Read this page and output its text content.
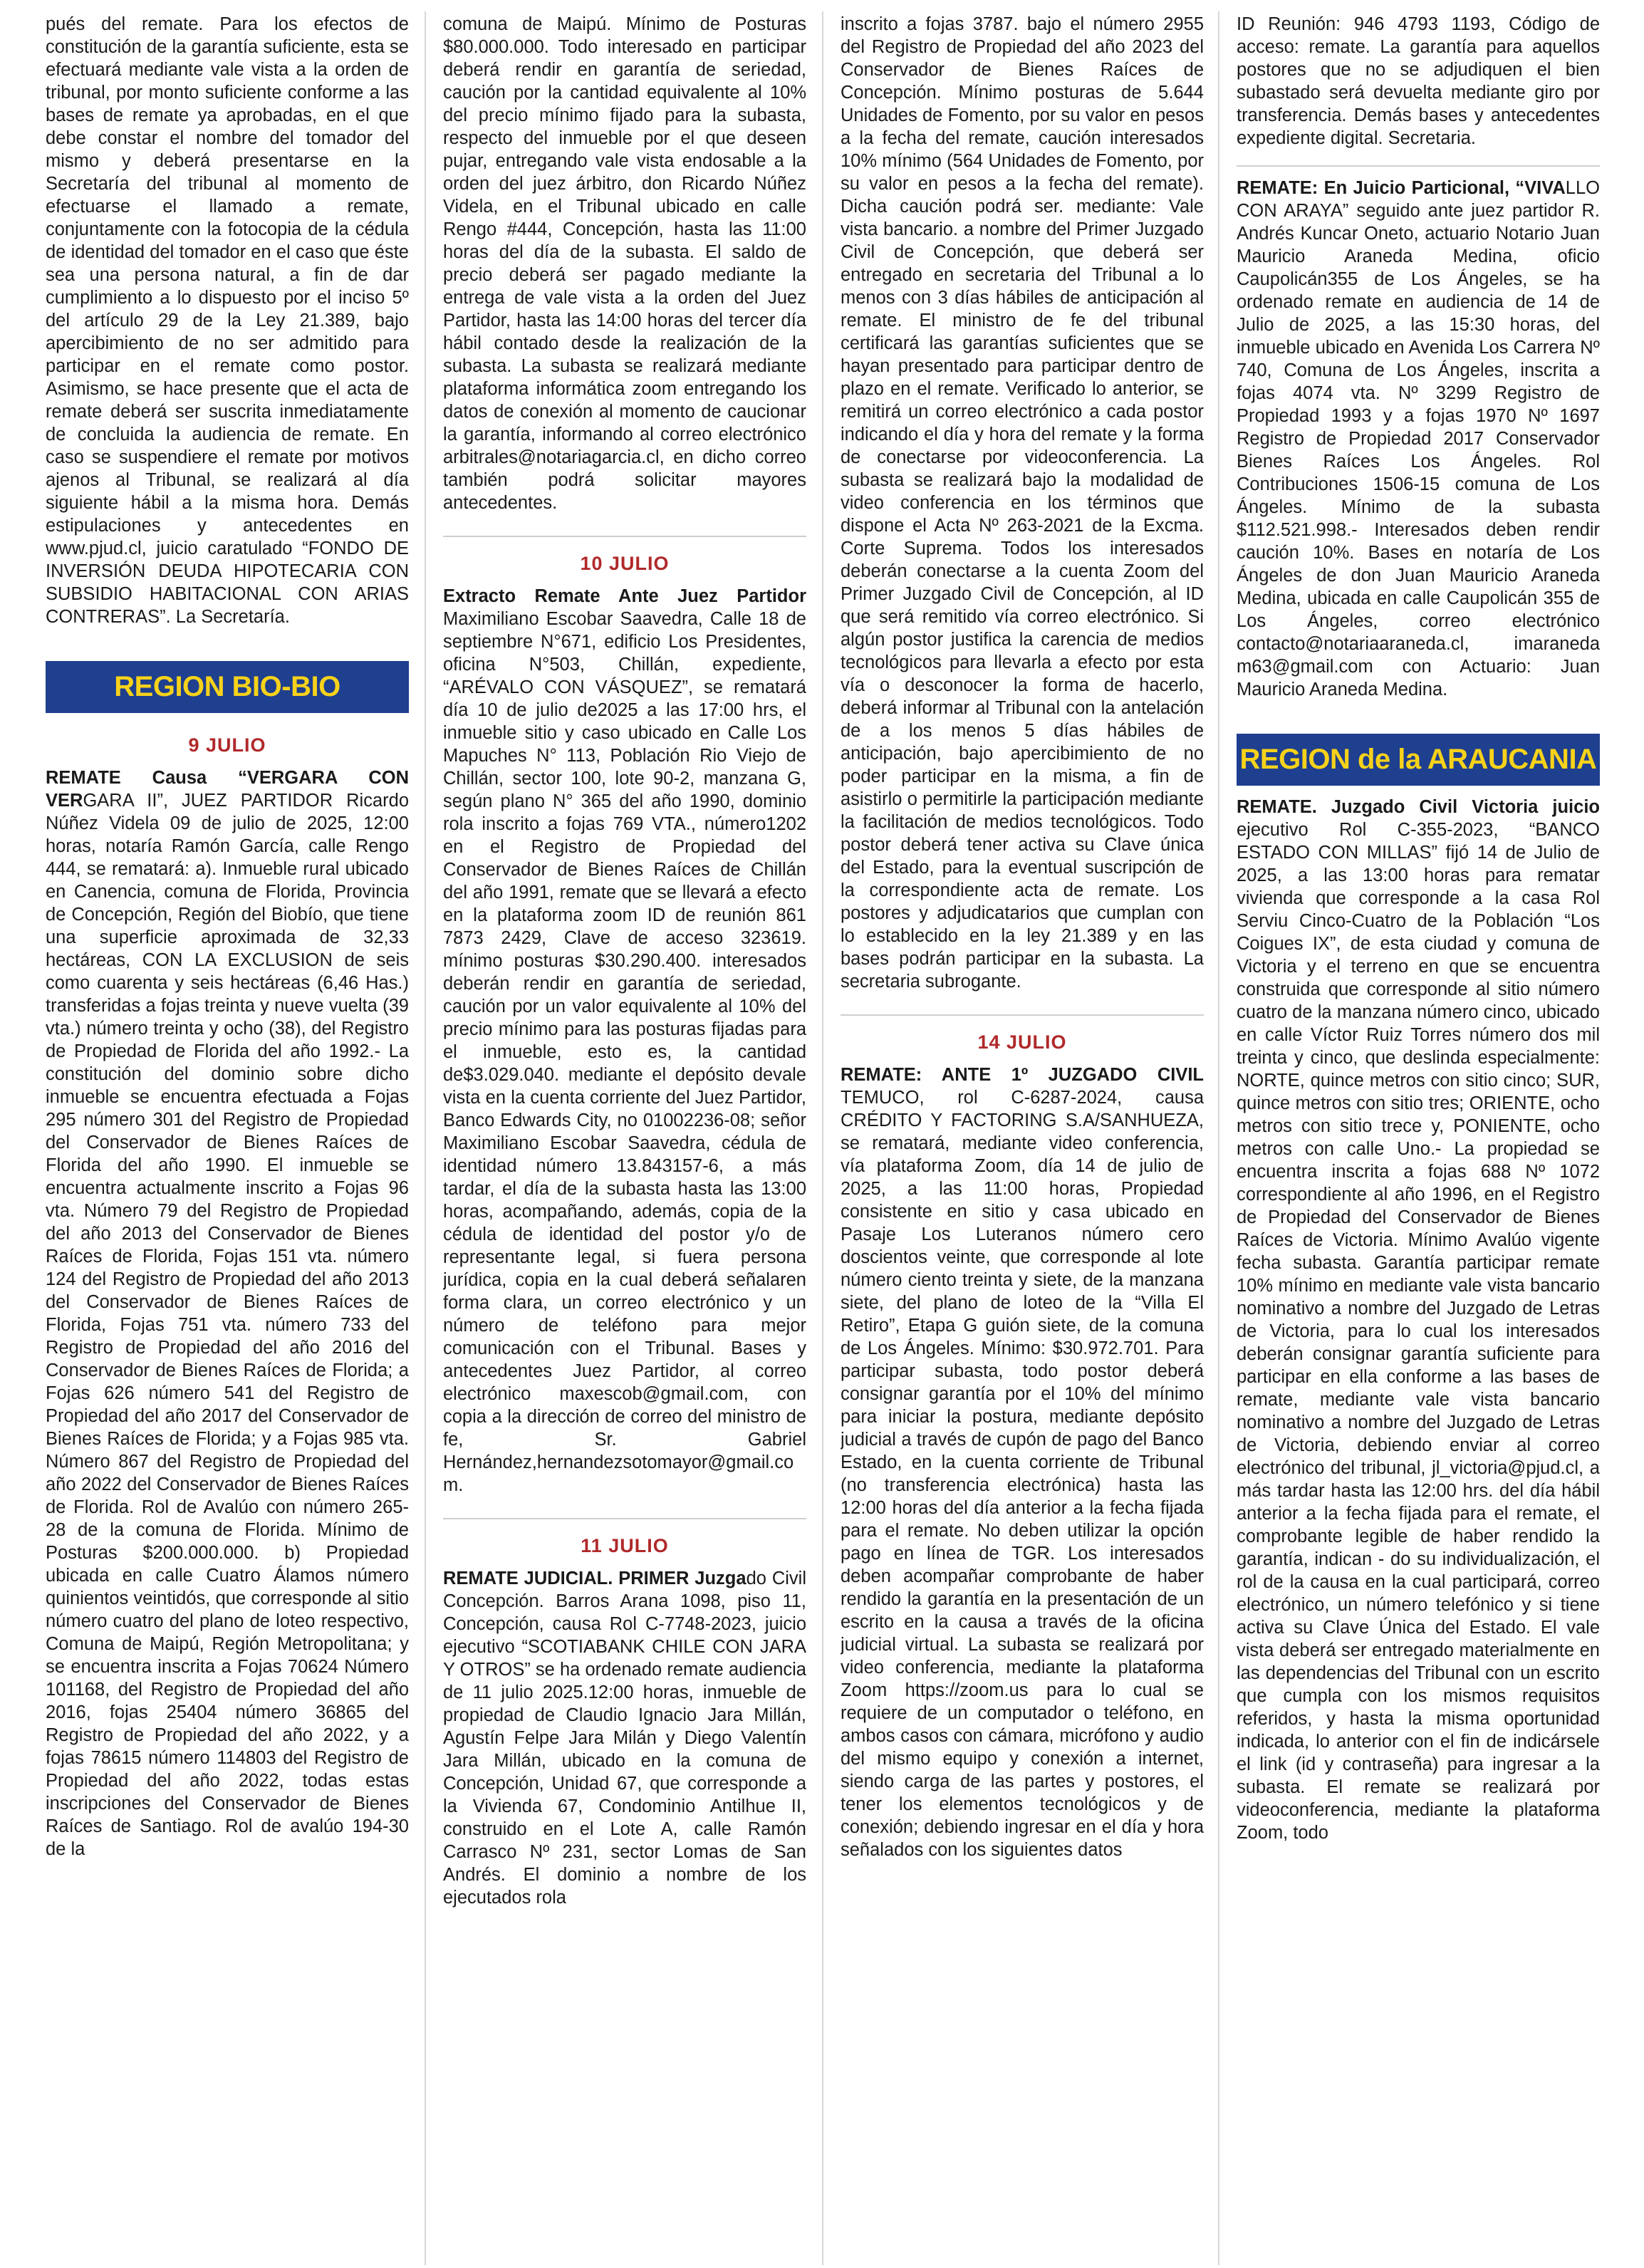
pués del remate. Para los efectos de constitución de la garantía suficiente, esta se efectuará mediante vale vista a la orden de tribunal, por monto suficiente conforme a las bases de remate ya aprobadas, en el que debe constar el nombre del tomador del mismo y deberá presentarse en la Secretaría del tribunal al momento de efectuarse el llamado a remate, conjuntamente con la fotocopia de la cédula de identidad del tomador en el caso que éste sea una persona natural, a fin de dar cumplimiento a lo dispuesto por el inciso 5º del artículo 29 de la Ley 21.389, bajo apercibimiento de no ser admitido para participar en el remate como postor. Asimismo, se hace presente que el acta de remate deberá ser suscrita inmediatamente de concluida la audiencia de remate. En caso se suspendiere el remate por motivos ajenos al Tribunal, se realizará al día siguiente hábil a la misma hora. Demás estipulaciones y antecedentes en www.pjud.cl, juicio caratulado “FONDO DE INVERSIÓN DEUDA HIPOTECARIA CON SUBSIDIO HABITACIONAL CON ARIAS CONTRERAS”. La Secretaría.

REGION BIO-BIO
9 JULIO

REMATE Causa “VERGARA CON VERGARA II”, JUEZ PARTIDOR Ricardo Núñez Videla 09 de julio de 2025, 12:00 horas, notaría Ramón García, calle Rengo 444, se rematará: a). Inmueble rural ubicado en Canencia, comuna de Florida, Provincia de Concepción, Región del Biobío, que tiene una superficie aproximada de 32,33 hectáreas, CON LA EXCLUSION de seis como cuarenta y seis hectáreas (6,46 Has.) transferidas a fojas treinta y nueve vuelta (39 vta.) número treinta y ocho (38), del Registro de Propiedad de Florida del año 1992.- La constitución del dominio sobre dicho inmueble se encuentra efectuada a Fojas 295 número 301 del Registro de Propiedad del Conservador de Bienes Raíces de Florida del año 1990. El inmueble se encuentra actualmente inscrito a Fojas 96 vta. Número 79 del Registro de Propiedad del año 2013 del Conservador de Bienes Raíces de Florida, Fojas 151 vta. número 124 del Registro de Propiedad del año 2013 del Conservador de Bienes Raíces de Florida, Fojas 751 vta. número 733 del Registro de Propiedad del año 2016 del Conservador de Bienes Raíces de Florida; a Fojas 626 número 541 del Registro de Propiedad del año 2017 del Conservador de Bienes Raíces de Florida; y a Fojas 985 vta. Número 867 del Registro de Propiedad del año 2022 del Conservador de Bienes Raíces de Florida. Rol de Avalúo con número 265-28 de la comuna de Florida. Mínimo de Posturas $200.000.000. b) Propiedad ubicada en calle Cuatro Álamos número quinientos veintidós, que corresponde al sitio número cuatro del plano de loteo respectivo, Comuna de Maipú, Región Metropolitana; y se encuentra inscrita a Fojas 70624 Número 101168, del Registro de Propiedad del año 2016, fojas 25404 número 36865 del Registro de Propiedad del año 2022, y a fojas 78615 número 114803 del Registro de Propiedad del año 2022, todas estas inscripciones del Conservador de Bienes Raíces de Santiago. Rol de avalúo 194-30 de la

comuna de Maipú. Mínimo de Posturas $80.000.000. Todo interesado en participar deberá rendir en garantía de seriedad, caución por la cantidad equivalente al 10% del precio mínimo fijado para la subasta, respecto del inmueble por el que deseen pujar, entregando vale vista endosable a la orden del juez árbitro, don Ricardo Núñez Videla, en el Tribunal ubicado en calle Rengo #444, Concepción, hasta las 11:00 horas del día de la subasta. El saldo de precio deberá ser pagado mediante la entrega de vale vista a la orden del Juez Partidor, hasta las 14:00 horas del tercer día hábil contado desde la realización de la subasta. La subasta se realizará mediante plataforma informática zoom entregando los datos de conexión al momento de caucionar la garantía, informando al correo electrónico arbitrales@notariagarcia.cl, en dicho correo también podrá solicitar mayores antecedentes.

10 JULIO

Extracto Remate Ante Juez Partidor Maximiliano Escobar Saavedra, Calle 18 de septiembre N°671, edificio Los Presidentes, oficina N°503, Chillán, expediente, “ARÉVALO CON VÁSQUEZ”, se rematará día 10 de julio de2025 a las 17:00 hrs, el inmueble sitio y caso ubicado en Calle Los Mapuches N° 113, Población Rio Viejo de Chillán, sector 100, lote 90-2, manzana G, según plano N° 365 del año 1990, dominio rola inscrito a fojas 769 VTA., número1202 en el Registro de Propiedad del Conservador de Bienes Raíces de Chillán del año 1991, remate que se llevará a efecto en la plataforma zoom ID de reunión 861 7873 2429, Clave de acceso 323619. mínimo posturas $30.290.400. interesados deberán rendir en garantía de seriedad, caución por un valor equivalente al 10% del precio mínimo para las posturas fijadas para el inmueble, esto es, la cantidad de$3.029.040. mediante el depósito devale vista en la cuenta corriente del Juez Partidor, Banco Edwards City, no 01002236-08; señor Maximiliano Escobar Saavedra, cédula de identidad número 13.843157-6, a más tardar, el día de la subasta hasta las 13:00 horas, acompañando, además, copia de la cédula de identidad del postor y/o de representante legal, si fuera persona jurídica, copia en la cual deberá señalaren forma clara, un correo electrónico y un número de teléfono para mejor comunicación con el Tribunal. Bases y antecedentes Juez Partidor, al correo electrónico maxescob@gmail.com, con copia a la dirección de correo del ministro de fe, Sr. Gabriel Hernández,hernandezsotomayor@gmail.com.

11 JULIO

REMATE JUDICIAL. PRIMER Juzgado Civil Concepción. Barros Arana 1098, piso 11, Concepción, causa Rol C-7748-2023, juicio ejecutivo “SCOTIABANK CHILE CON JARA Y OTROS” se ha ordenado remate audiencia de 11 julio 2025.12:00 horas, inmueble de propiedad de Claudio Ignacio Jara Millán, Agustín Felpe Jara Milán y Diego Valentín Jara Millán, ubicado en la comuna de Concepción, Unidad 67, que corresponde a la Vivienda 67, Condominio Antilhue II, construido en el Lote A, calle Ramón Carrasco Nº 231, sector Lomas de San Andrés. El dominio a nombre de los ejecutados rola

inscrito a fojas 3787. bajo el número 2955 del Registro de Propiedad del año 2023 del Conservador de Bienes Raíces de Concepción. Mínimo posturas de 5.644 Unidades de Fomento, por su valor en pesos a la fecha del remate, caución interesados 10% mínimo (564 Unidades de Fomento, por su valor en pesos a la fecha del remate). Dicha caución podrá ser. mediante: Vale vista bancario. a nombre del Primer Juzgado Civil de Concepción, que deberá ser entregado en secretaria del Tribunal a lo menos con 3 días hábiles de anticipación al remate. El ministro de fe del tribunal certificará las garantías suficientes que se hayan presentado para participar dentro de plazo en el remate. Verificado lo anterior, se remitirá un correo electrónico a cada postor indicando el día y hora del remate y la forma de conectarse por videoconferencia. La subasta se realizará bajo la modalidad de video conferencia en los términos que dispone el Acta Nº 263-2021 de la Excma. Corte Suprema. Todos los interesados deberán conectarse a la cuenta Zoom del Primer Juzgado Civil de Concepción, al ID que será remitido vía correo electrónico. Si algún postor justifica la carencia de medios tecnológicos para llevarla a efecto por esta vía o desconocer la forma de hacerlo, deberá informar al Tribunal con la antelación de a los menos 5 días hábiles de anticipación, bajo apercibimiento de no poder participar en la misma, a fin de asistirlo o permitirle la participación mediante la facilitación de medios tecnológicos. Todo postor deberá tener activa su Clave única del Estado, para la eventual suscripción de la correspondiente acta de remate. Los postores y adjudicatarios que cumplan con lo establecido en la ley 21.389 y en las bases podrán participar en la subasta. La secretaria subrogante.

14 JULIO

REMATE: ANTE 1º JUZGADO CIVIL TEMUCO, rol C-6287-2024, causa CRÉDITO Y FACTORING S.A/SANHUEZA, se rematará, mediante video conferencia, vía plataforma Zoom, día 14 de julio de 2025, a las 11:00 horas, Propiedad consistente en sitio y casa ubicado en Pasaje Los Luteranos número cero doscientos veinte, que corresponde al lote número ciento treinta y siete, de la manzana siete, del plano de loteo de la “Villa El Retiro”, Etapa G guión siete, de la comuna de Los Ángeles. Mínimo: $30.972.701. Para participar subasta, todo postor deberá consignar garantía por el 10% del mínimo para iniciar la postura, mediante depósito judicial a través de cupón de pago del Banco Estado, en la cuenta corriente de Tribunal (no transferencia electrónica) hasta las 12:00 horas del día anterior a la fecha fijada para el remate. No deben utilizar la opción pago en línea de TGR. Los interesados deben acompañar comprobante de haber rendido la garantía en la presentación de un escrito en la causa a través de la oficina judicial virtual. La subasta se realizará por video conferencia, mediante la plataforma Zoom https://zoom.us para lo cual se requiere de un computador o teléfono, en ambos casos con cámara, micrófono y audio del mismo equipo y conexión a internet, siendo carga de las partes y postores, el tener los elementos tecnológicos y de conexión; debiendo ingresar en el día y hora señalados con los siguientes datos

ID Reunión: 946 4793 1193, Código de acceso: remate. La garantía para aquellos postores que no se adjudiquen el bien subastado será devuelta mediante giro por transferencia. Demás bases y antecedentes expediente digital. Secretaria.

REMATE: En Juicio Particional, “VIVALLO CON ARAYA” seguido ante juez partidor R. Andrés Kuncar Oneto, actuario Notario Juan Mauricio Araneda Medina, oficio Caupolicán355 de Los Ángeles, se ha ordenado remate en audiencia de 14 de Julio de 2025, a las 15:30 horas, del inmueble ubicado en Avenida Los Carrera Nº 740, Comuna de Los Ángeles, inscrita a fojas 4074 vta. Nº 3299 Registro de Propiedad 1993 y a fojas 1970 Nº 1697 Registro de Propiedad 2017 Conservador Bienes Raíces Los Ángeles. Rol Contribuciones 1506-15 comuna de Los Ángeles. Mínimo de la subasta $112.521.998.- Interesados deben rendir caución 10%. Bases en notaría de Los Ángeles de don Juan Mauricio Araneda Medina, ubicada en calle Caupolicán 355 de Los Ángeles, correo electrónico contacto@notariaaraneda.cl, imaraneda m63@gmail.com con Actuario: Juan Mauricio Araneda Medina.

REGION de la ARAUCANIA

REMATE. Juzgado Civil Victoria juicio ejecutivo Rol C-355-2023, “BANCO ESTADO CON MILLAS” fijó 14 de Julio de 2025, a las 13:00 horas para rematar vivienda que corresponde a la casa Rol Serviu Cinco-Cuatro de la Población “Los Coigues IX”, de esta ciudad y comuna de Victoria y el terreno en que se encuentra construida que corresponde al sitio número cuatro de la manzana número cinco, ubicado en calle Víctor Ruiz Torres número dos mil treinta y cinco, que deslinda especialmente: NORTE, quince metros con sitio cinco; SUR, quince metros con sitio tres; ORIENTE, ocho metros con sitio trece y, PONIENTE, ocho metros con calle Uno.- La propiedad se encuentra inscrita a fojas 688 Nº 1072 correspondiente al año 1996, en el Registro de Propiedad del Conservador de Bienes Raíces de Victoria. Mínimo Avalúo vigente fecha subasta. Garantía participar remate 10% mínimo en mediante vale vista bancario nominativo a nombre del Juzgado de Letras de Victoria, para lo cual los interesados deberán consignar garantía suficiente para participar en ella conforme a las bases de remate, mediante vale vista bancario nominativo a nombre del Juzgado de Letras de Victoria, debiendo enviar al correo electrónico del tribunal, jl_victoria@pjud.cl, a más tardar hasta las 12:00 hrs. del día hábil anterior a la fecha fijada para el remate, el comprobante legible de haber rendido la garantía, indican - do su individualización, el rol de la causa en la cual participará, correo electrónico, un número telefónico y si tiene activa su Clave Única del Estado. El vale vista deberá ser entregado materialmente en las dependencias del Tribunal con un escrito que cumpla con los mismos requisitos referidos, y hasta la misma oportunidad indicada, lo anterior con el fin de indicársele el link (id y contraseña) para ingresar a la subasta. El remate se realizará por videoconferencia, mediante la plataforma Zoom, todo
